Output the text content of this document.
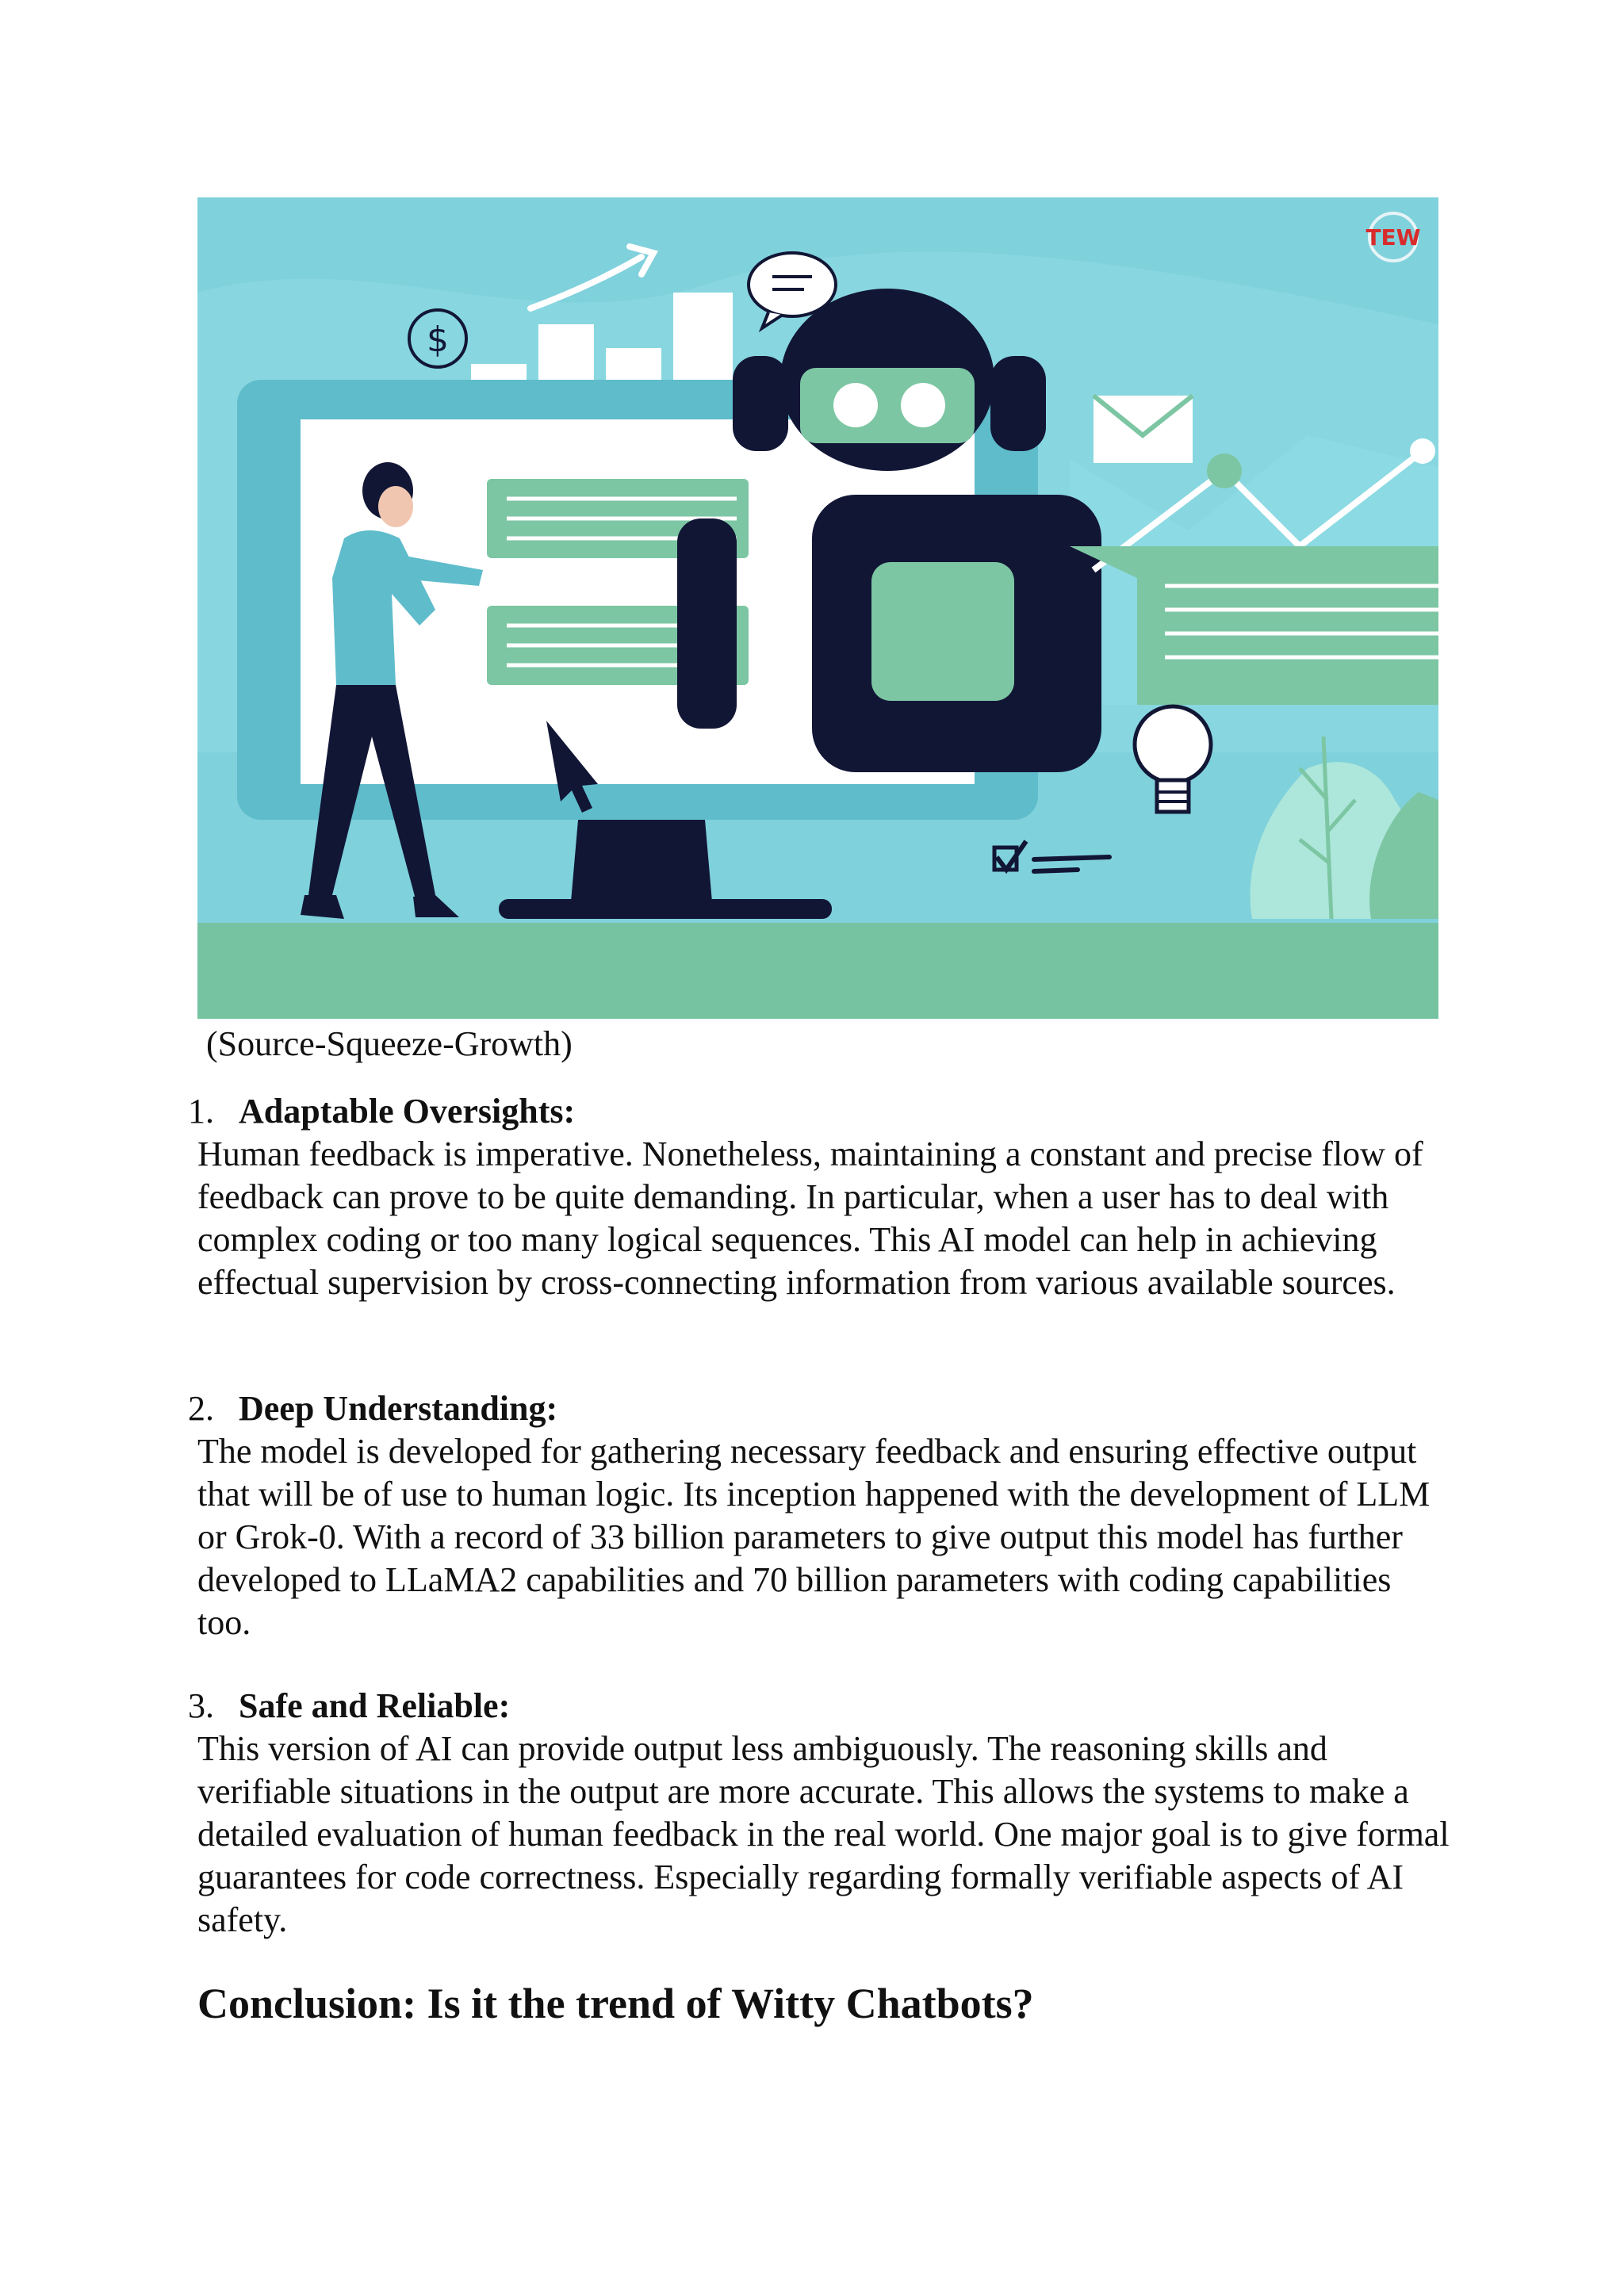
$
TEW

(Source-Squeeze-Growth)

1. Adaptable Oversights:

Human feedback is imperative. Nonetheless, maintaining a constant and precise flow of feedback can prove to be quite demanding. In particular, when a user has to deal with complex coding or too many logical sequences. This AI model can help in achieving effectual supervision by cross-connecting information from various available sources.

2. Deep Understanding:

The model is developed for gathering necessary feedback and ensuring effective output that will be of use to human logic. Its inception happened with the development of LLM or Grok-0. With a record of 33 billion parameters to give output this model has further developed to LLaMA2 capabilities and 70 billion parameters with coding capabilities too.

3. Safe and Reliable:

This version of AI can provide output less ambiguously. The reasoning skills and verifiable situations in the output are more accurate. This allows the systems to make a detailed evaluation of human feedback in the real world. One major goal is to give formal guarantees for code correctness. Especially regarding formally verifiable aspects of AI safety.

Conclusion: Is it the trend of Witty Chatbots?
